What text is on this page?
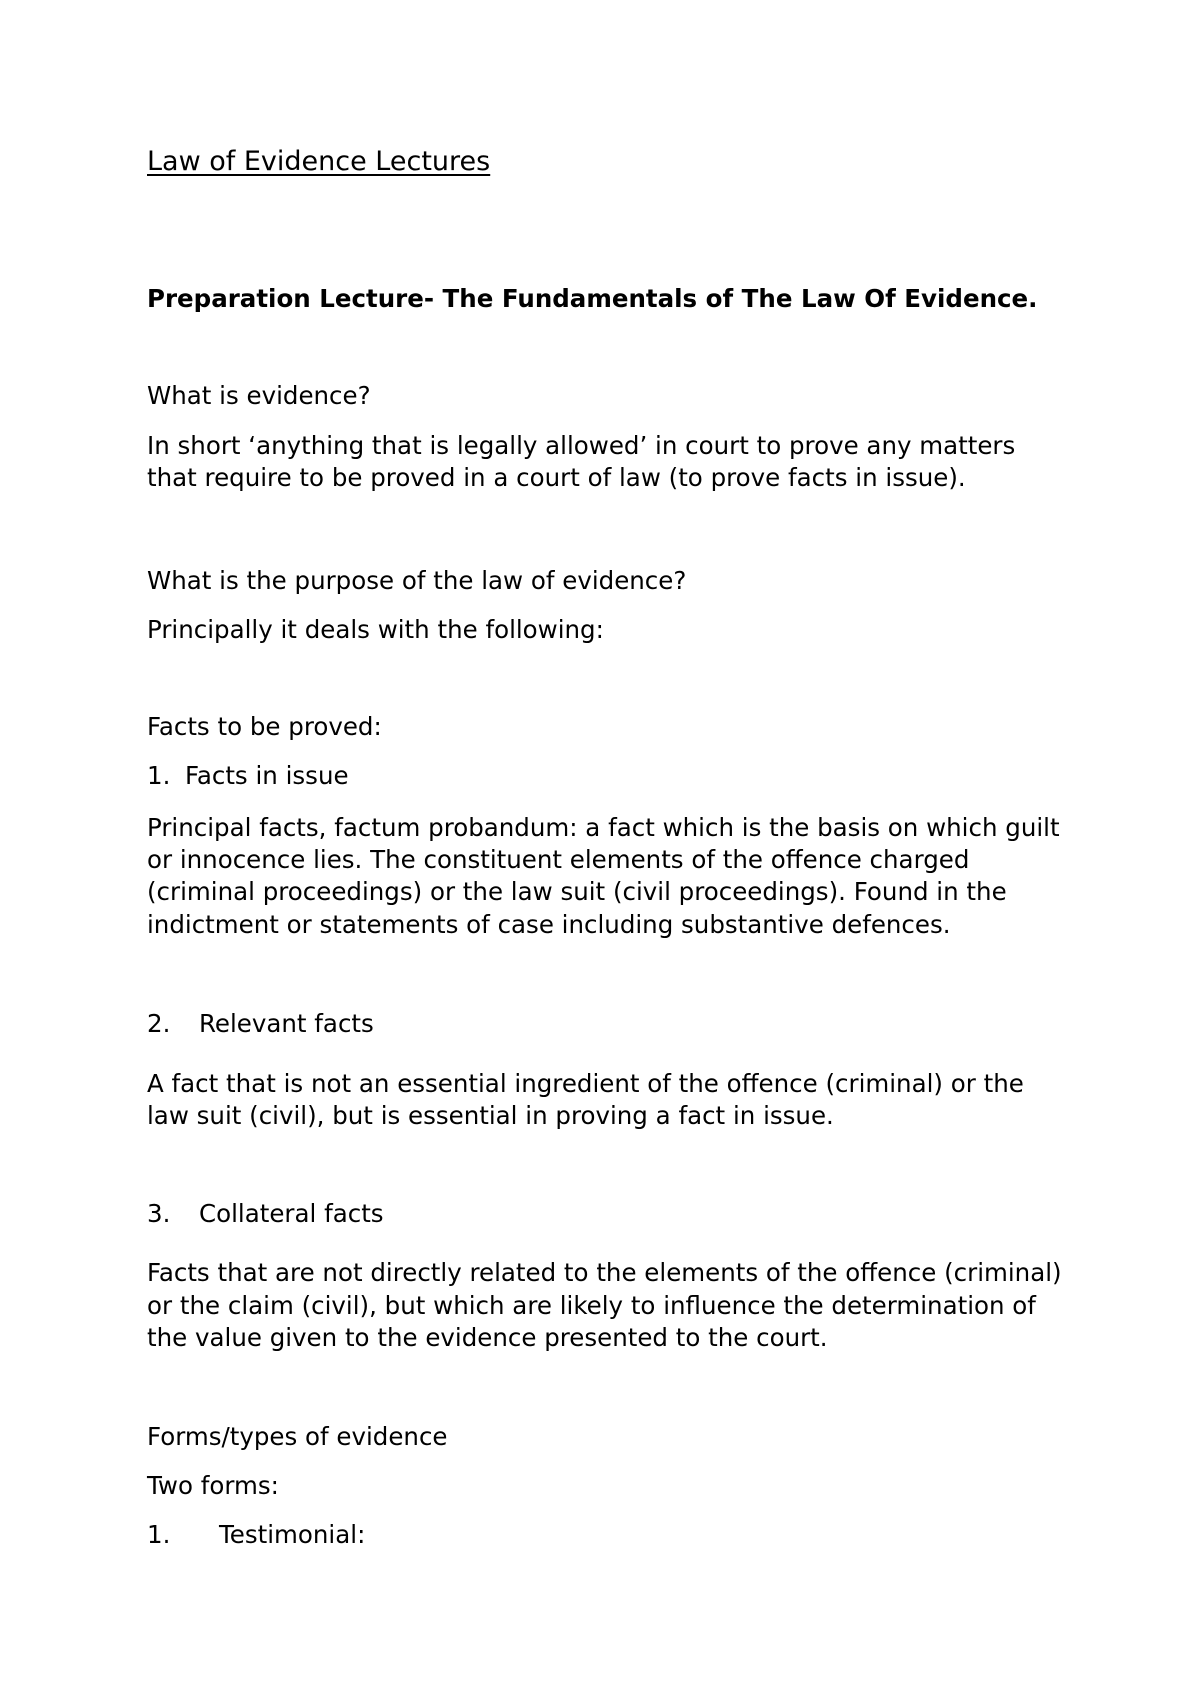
Law of Evidence Lectures

Preparation Lecture- The Fundamentals of The Law Of Evidence.

What is evidence?

In short ‘anything that is legally allowed’ in court to prove any matters

that require to be proved in a court of law (to prove facts in issue).

What is the purpose of the law of evidence?

Principally it deals with the following:

Facts to be proved:

1. Facts in issue

Principal facts, factum probandum: a fact which is the basis on which guilt

or innocence lies. The constituent elements of the offence charged

(criminal proceedings) or the law suit (civil proceedings). Found in the

indictment or statements of case including substantive defences.

2. Relevant facts

A fact that is not an essential ingredient of the offence (criminal) or the

law suit (civil), but is essential in proving a fact in issue.

3. Collateral facts

Facts that are not directly related to the elements of the offence (criminal)

or the claim (civil), but which are likely to influence the determination of

the value given to the evidence presented to the court.

Forms/types of evidence

Two forms:

1. Testimonial:
